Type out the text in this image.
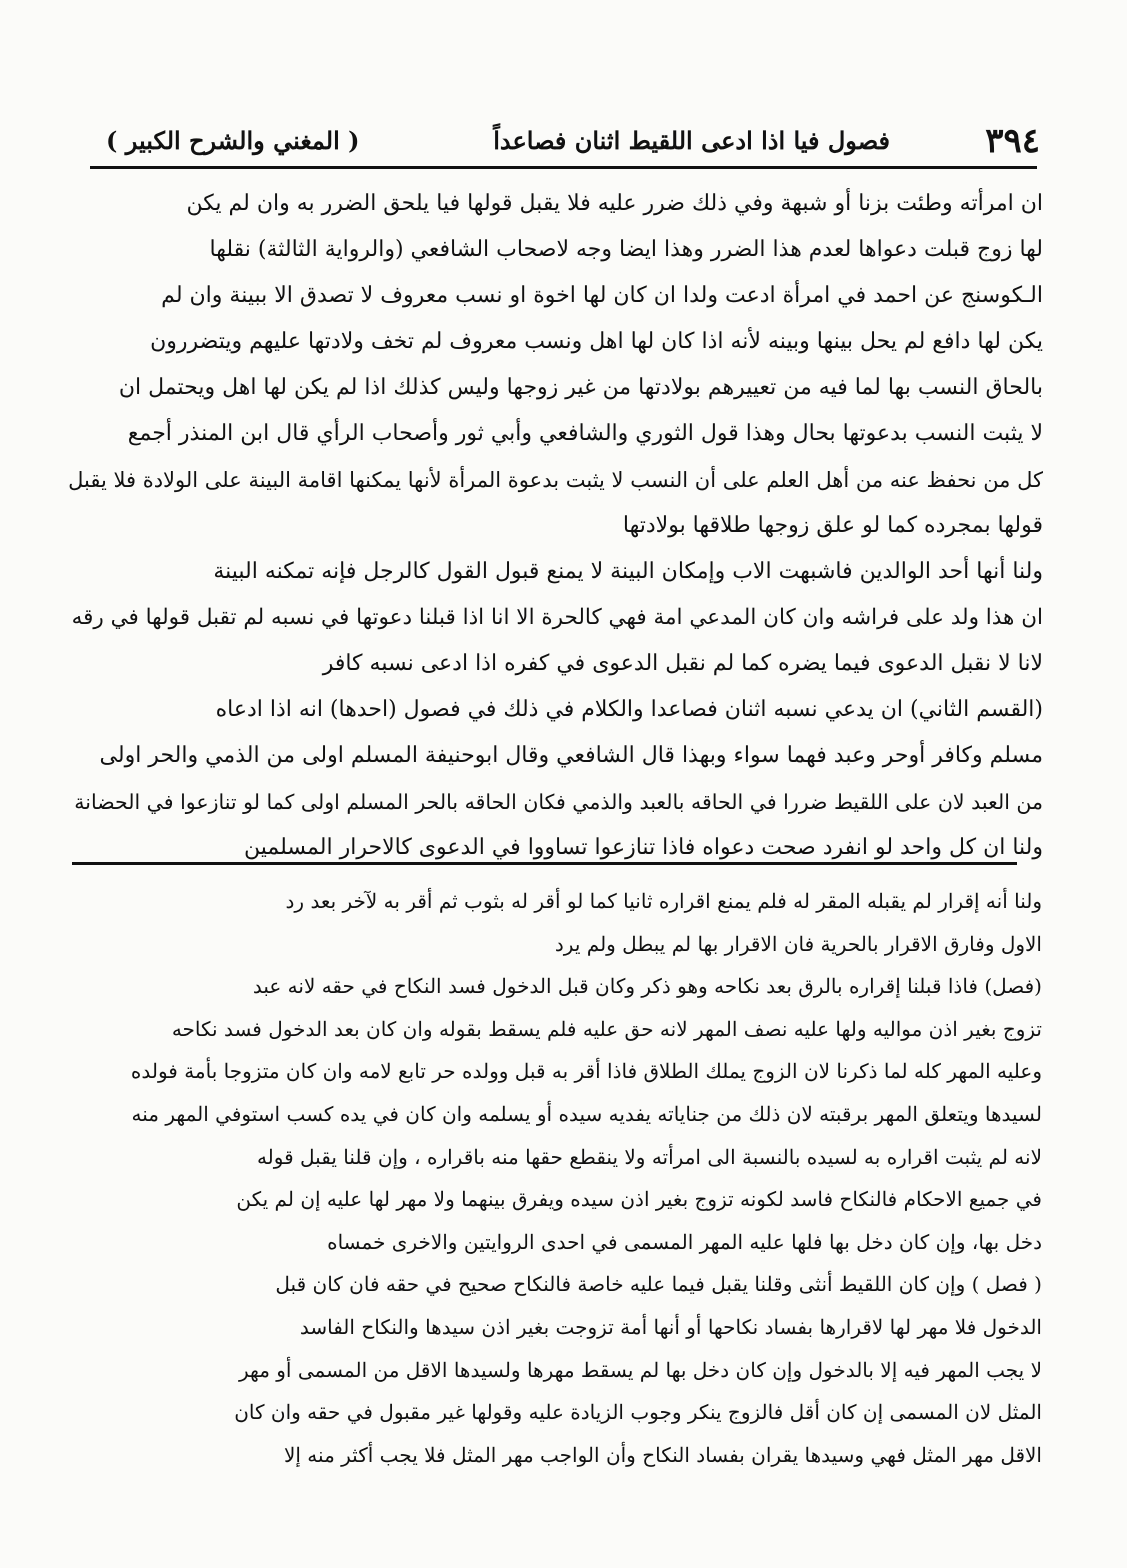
٣٩٤
فصول فيا اذا ادعى اللقيط اثنان فصاعداً
( المغني والشرح الكبير )
ان امرأته وطئت بزنا أو شبهة وفي ذلك ضرر عليه فلا يقبل قولها فيا يلحق الضرر به وان لم يكن
لها زوج قبلت دعواها لعدم هذا الضرر وهذا ايضا وجه لاصحاب الشافعي (والرواية الثالثة) نقلها
الـكوسنج عن احمد في امرأة ادعت ولدا ان كان لها اخوة او نسب معروف لا تصدق الا ببينة وان لم
يكن لها دافع لم يحل بينها وبينه لأنه اذا كان لها اهل ونسب معروف لم تخف ولادتها عليهم ويتضررون
بالحاق النسب بها لما فيه من تعييرهم بولادتها من غير زوجها وليس كذلك اذا لم يكن لها اهل ويحتمل ان
لا يثبت النسب بدعوتها بحال وهذا قول الثوري والشافعي وأبي ثور وأصحاب الرأي قال ابن المنذر أجمع
كل من نحفظ عنه من أهل العلم على أن النسب لا يثبت بدعوة المرأة لأنها يمكنها اقامة البينة على الولادة فلا يقبل
قولها بمجرده كما لو علق زوجها طلاقها بولادتها
ولنا أنها أحد الوالدين فاشبهت الاب وإمكان البينة لا يمنع قبول القول كالرجل فإنه تمكنه البينة
ان هذا ولد على فراشه وان كان المدعي امة فهي كالحرة الا انا اذا قبلنا دعوتها في نسبه لم تقبل قولها في رقه
لانا لا نقبل الدعوى فيما يضره كما لم نقبل الدعوى في كفره اذا ادعى نسبه كافر
(القسم الثاني) ان يدعي نسبه اثنان فصاعدا والكلام في ذلك في فصول (احدها) انه اذا ادعاه
مسلم وكافر أوحر وعبد فهما سواء وبهذا قال الشافعي وقال ابوحنيفة المسلم اولى من الذمي والحر اولى
من العبد لان على اللقيط ضررا في الحاقه بالعبد والذمي فكان الحاقه بالحر المسلم اولى كما لو تنازعوا في الحضانة
ولنا ان كل واحد لو انفرد صحت دعواه فاذا تنازعوا تساووا في الدعوى كالاحرار المسلمين
ولنا أنه إقرار لم يقبله المقر له فلم يمنع اقراره ثانيا كما لو أقر له بثوب ثم أقر به لآخر بعد رد
الاول وفارق الاقرار بالحرية فان الاقرار بها لم يبطل ولم يرد
(فصل) فاذا قبلنا إقراره بالرق بعد نكاحه وهو ذكر وكان قبل الدخول فسد النكاح في حقه لانه عبد
تزوج بغير اذن مواليه ولها عليه نصف المهر لانه حق عليه فلم يسقط بقوله وان كان بعد الدخول فسد نكاحه
وعليه المهر كله لما ذكرنا لان الزوج يملك الطلاق فاذا أقر به قبل وولده حر تابع لامه وان كان متزوجا بأمة فولده
لسيدها ويتعلق المهر برقبته لان ذلك من جناياته يفديه سيده أو يسلمه وان كان في يده كسب استوفي المهر منه
لانه لم يثبت اقراره به لسيده بالنسبة الى امرأته ولا ينقطع حقها منه باقراره ، وإن قلنا يقبل قوله
في جميع الاحكام فالنكاح فاسد لكونه تزوج بغير اذن سيده ويفرق بينهما ولا مهر لها عليه إن لم يكن
دخل بها، وإن كان دخل بها فلها عليه المهر المسمى في احدى الروايتين والاخرى خمساه
( فصل ) وإن كان اللقيط أنثى وقلنا يقبل فيما عليه خاصة فالنكاح صحيح في حقه فان كان قبل
الدخول فلا مهر لها لاقرارها بفساد نكاحها أو أنها أمة تزوجت بغير اذن سيدها والنكاح الفاسد
لا يجب المهر فيه إلا بالدخول وإن كان دخل بها لم يسقط مهرها ولسيدها الاقل من المسمى أو مهر
المثل لان المسمى إن كان أقل فالزوج ينكر وجوب الزيادة عليه وقولها غير مقبول في حقه وان كان
الاقل مهر المثل فهي وسيدها يقران بفساد النكاح وأن الواجب مهر المثل فلا يجب أكثر منه إلا
